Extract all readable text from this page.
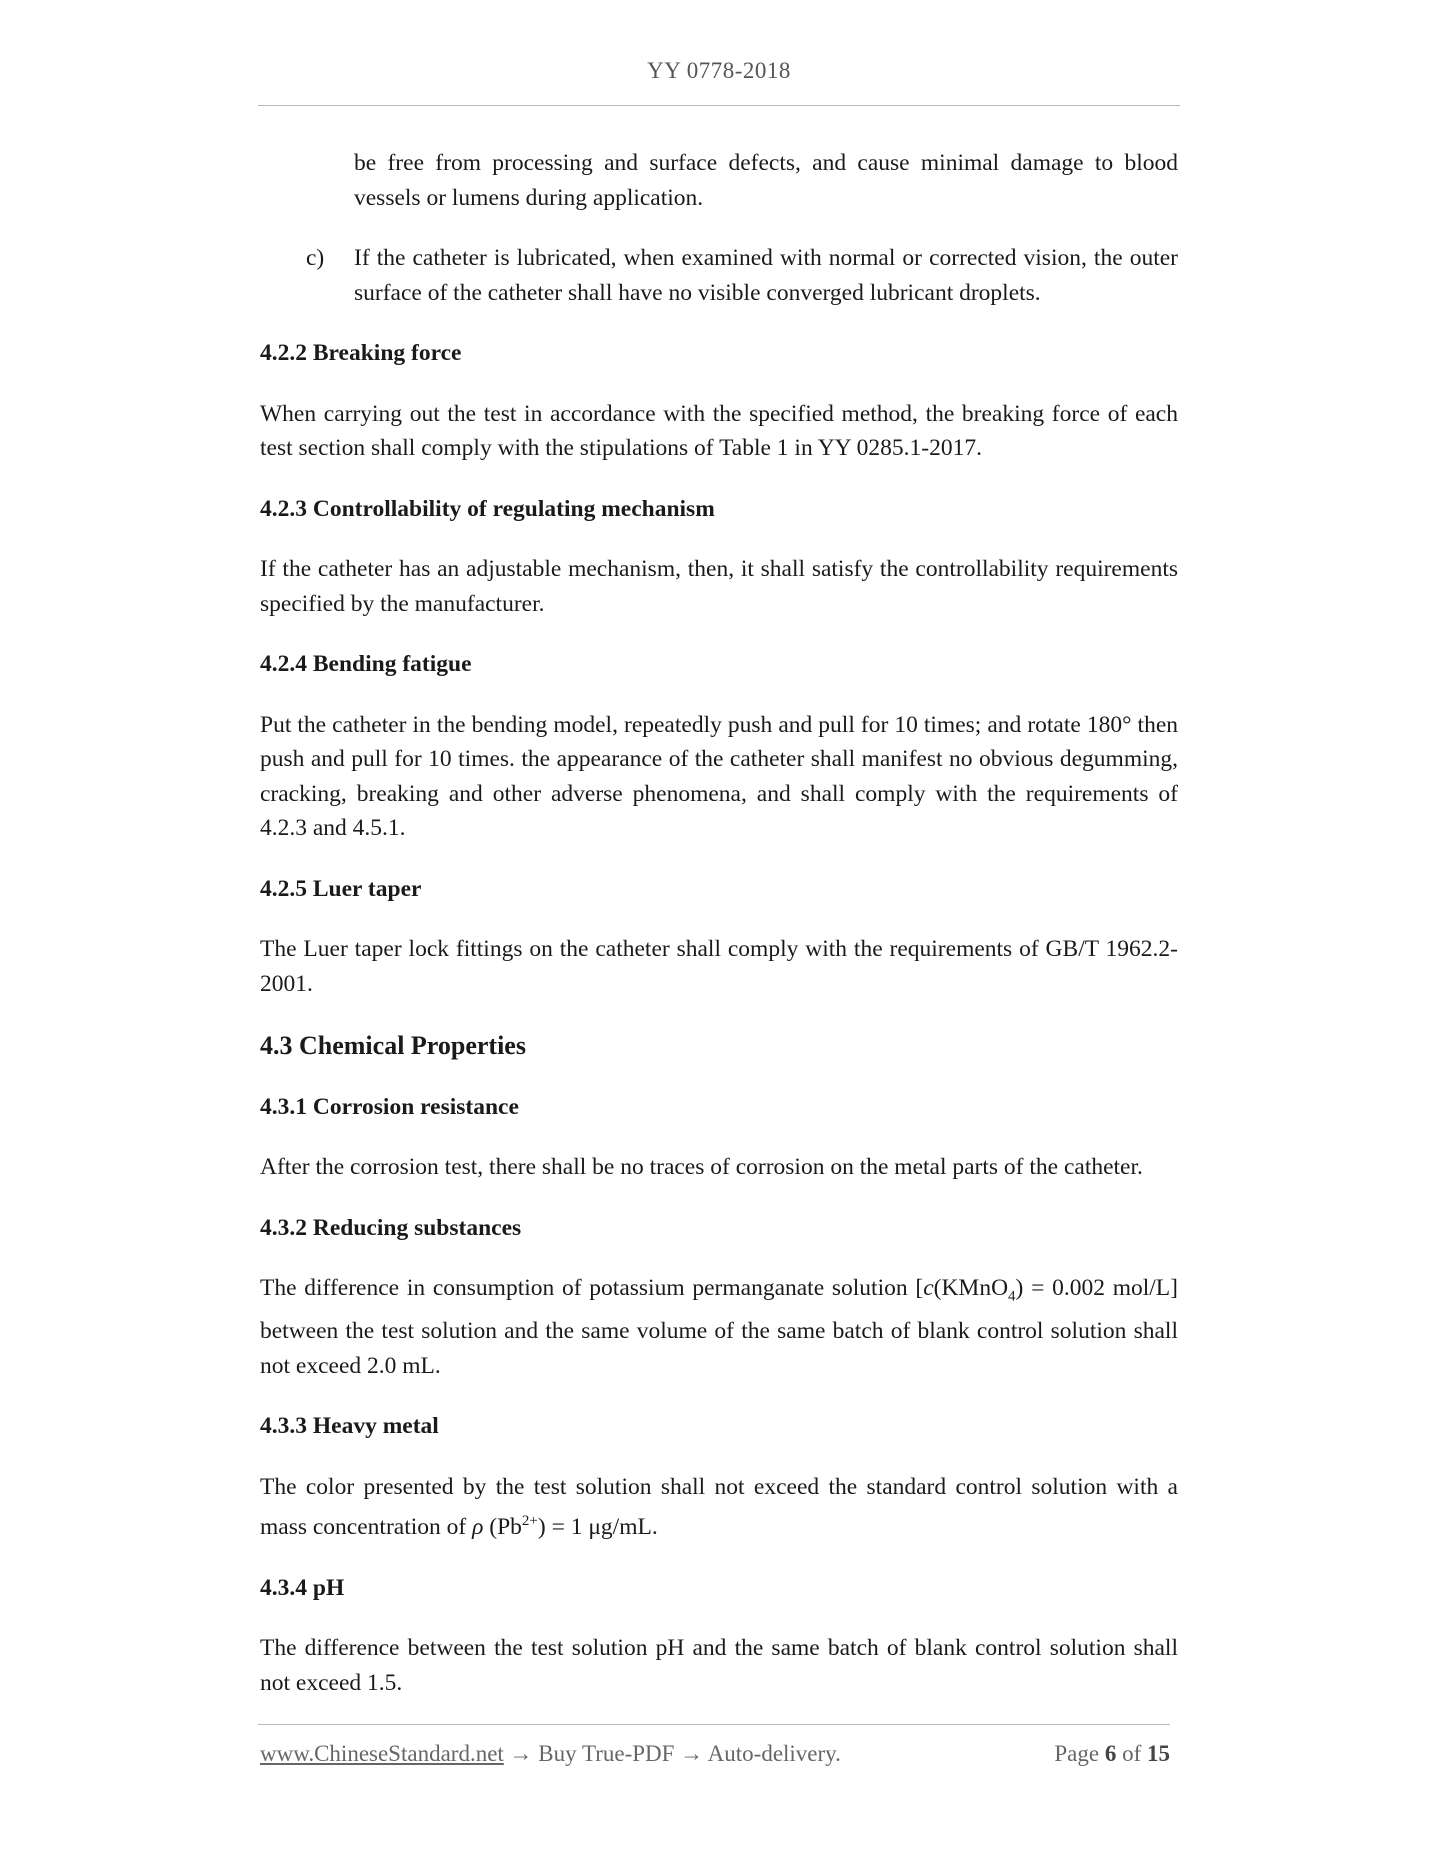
YY 0778-2018

be free from processing and surface defects, and cause minimal damage to blood vessels or lumens during application.

c)	If the catheter is lubricated, when examined with normal or corrected vision, the outer surface of the catheter shall have no visible converged lubricant droplets.

4.2.2 Breaking force

When carrying out the test in accordance with the specified method, the breaking force of each test section shall comply with the stipulations of Table 1 in YY 0285.1-2017.

4.2.3 Controllability of regulating mechanism

If the catheter has an adjustable mechanism, then, it shall satisfy the controllability requirements specified by the manufacturer.

4.2.4 Bending fatigue

Put the catheter in the bending model, repeatedly push and pull for 10 times; and rotate 180° then push and pull for 10 times. the appearance of the catheter shall manifest no obvious degumming, cracking, breaking and other adverse phenomena, and shall comply with the requirements of 4.2.3 and 4.5.1.

4.2.5 Luer taper

The Luer taper lock fittings on the catheter shall comply with the requirements of GB/T 1962.2-2001.

4.3 Chemical Properties
4.3.1 Corrosion resistance

After the corrosion test, there shall be no traces of corrosion on the metal parts of the catheter.

4.3.2 Reducing substances

The difference in consumption of potassium permanganate solution [c(KMnO$_4$) = 0.002 mol/L] between the test solution and the same volume of the same batch of blank control solution shall not exceed 2.0 mL.

4.3.3 Heavy metal

The color presented by the test solution shall not exceed the standard control solution with a mass concentration of ρ $(Pb^{2+}) = 1$ μg/mL.

4.3.4 pH

The difference between the test solution pH and the same batch of blank control solution shall not exceed 1.5.

www.ChineseStandard.net → Buy True-PDF → Auto-delivery.	Page 6 of 15
